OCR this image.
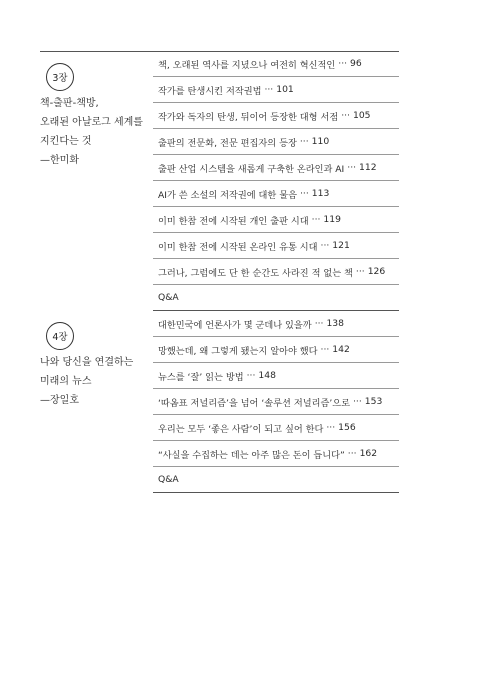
3장
책-출판-책방,
오래된 아날로그 세계를
지킨다는 것
—한미화
책, 오래된 역사를 지녔으나 여전히 혁신적인 ··· 96
작가를 탄생시킨 저작권법 ··· 101
작가와 독자의 탄생, 뒤이어 등장한 대형 서점 ··· 105
출판의 전문화, 전문 편집자의 등장 ··· 110
출판 산업 시스템을 새롭게 구축한 온라인과 AI ··· 112
AI가 쓴 소설의 저작권에 대한 물음 ··· 113
이미 한참 전에 시작된 개인 출판 시대 ··· 119
이미 한참 전에 시작된 온라인 유통 시대 ··· 121
그러나, 그럼에도 단 한 순간도 사라진 적 없는 책 ··· 126
Q&A
4장
나와 당신을 연결하는
미래의 뉴스
—장일호
대한민국에 언론사가 몇 군데나 있을까 ··· 138
망했는데, 왜 그렇게 됐는지 알아야 했다 ··· 142
뉴스를 ‘잘’ 읽는 방법 ··· 148
‘따옴표 저널리즘’을 넘어 ‘솔루션 저널리즘’으로 ··· 153
우리는 모두 ‘좋은 사람’이 되고 싶어 한다 ··· 156
“사실을 수집하는 데는 아주 많은 돈이 듭니다” ··· 162
Q&A
